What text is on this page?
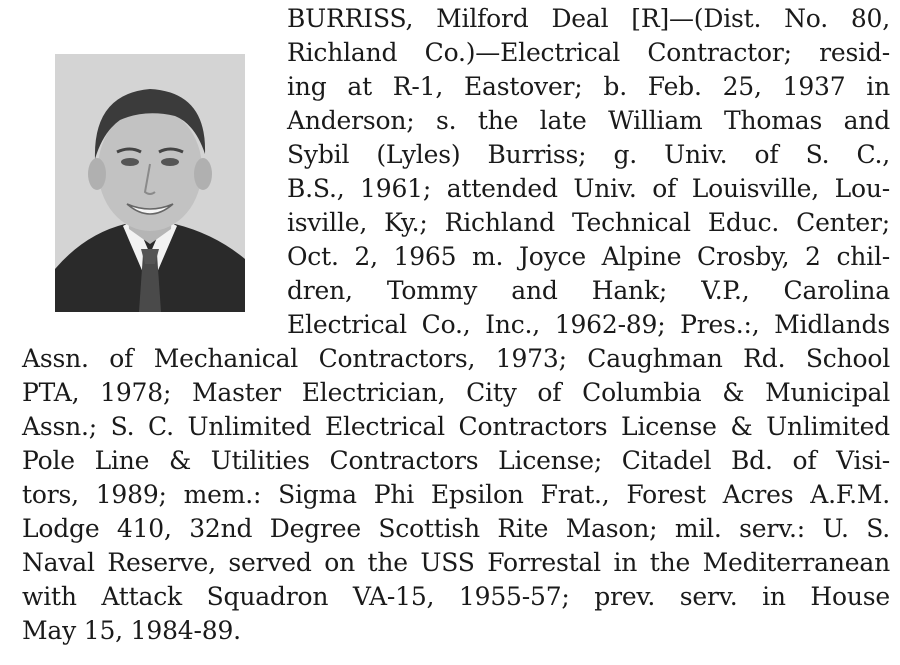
BURRISS, Milford Deal [R]—(Dist. No. 80,
Richland Co.)—Electrical Contractor; resid-
ing at R-1, Eastover; b. Feb. 25, 1937 in
Anderson; s. the late William Thomas and
Sybil (Lyles) Burriss; g. Univ. of S. C.,
B.S., 1961; attended Univ. of Louisville, Lou-
isville, Ky.; Richland Technical Educ. Center;
Oct. 2, 1965 m. Joyce Alpine Crosby, 2 chil-
dren, Tommy and Hank; V.P., Carolina
Electrical Co., Inc., 1962-89; Pres.:, Midlands
Assn. of Mechanical Contractors, 1973; Caughman Rd. School
PTA, 1978; Master Electrician, City of Columbia & Municipal
Assn.; S. C. Unlimited Electrical Contractors License & Unlimited
Pole Line & Utilities Contractors License; Citadel Bd. of Visi-
tors, 1989; mem.: Sigma Phi Epsilon Frat., Forest Acres A.F.M.
Lodge 410, 32nd Degree Scottish Rite Mason; mil. serv.: U. S.
Naval Reserve, served on the USS Forrestal in the Mediterranean
with Attack Squadron VA-15, 1955-57; prev. serv. in House
May 15, 1984-89.
